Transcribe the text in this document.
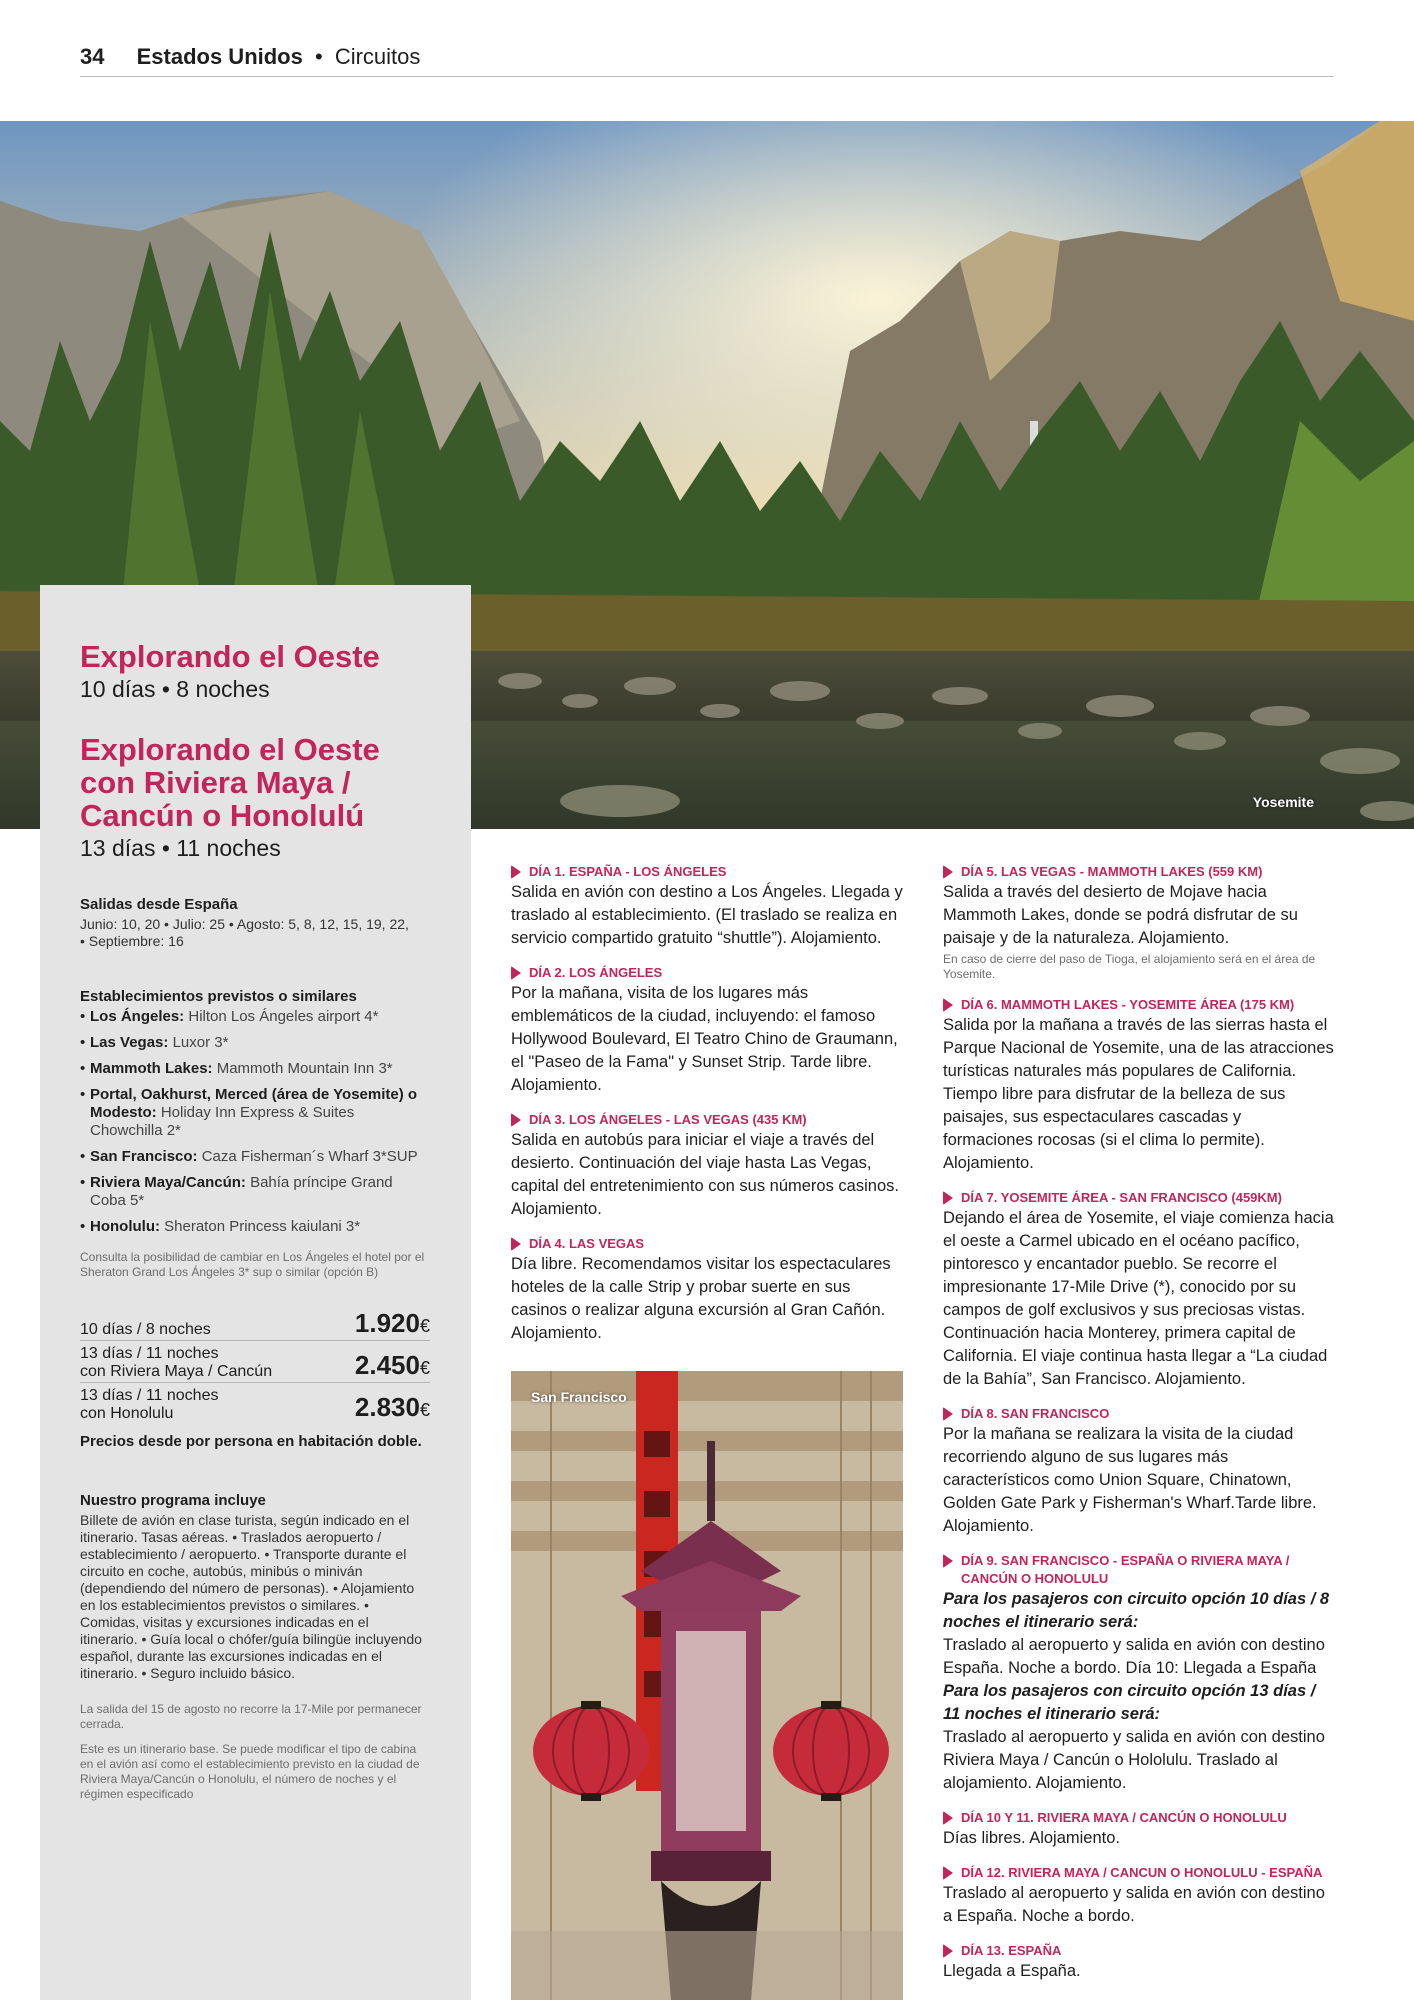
34 Estados Unidos • Circuitos
Yosemite
Explorando el Oeste

10 días • 8 noches

Explorando el Oeste
con Riviera Maya /
Cancún o Honolulú

13 días • 11 noches

Salidas desde España
Junio: 10, 20 • Julio: 25 • Agosto: 5, 8, 12, 15, 19, 22,
• Septiembre: 16
Establecimientos previstos o similares
• Los Ángeles: Hilton Los Ángeles airport 4*
• Las Vegas: Luxor 3*
• Mammoth Lakes: Mammoth Mountain Inn 3*
• Portal, Oakhurst, Merced (área de Yosemite) o Modesto: Holiday Inn Express & Suites Chowchilla 2*
• San Francisco: Caza Fisherman´s Wharf 3*SUP
• Riviera Maya/Cancún: Bahía príncipe Grand Coba 5*
• Honolulu: Sheraton Princess kaiulani 3*
Consulta la posibilidad de cambiar en Los Ángeles el hotel por el Sheraton Grand Los Ángeles 3* sup o similar (opción B)
10 días / 8 noches	1.920€
13 días / 11 noches
con Riviera Maya / Cancún	2.450€
13 días / 11 noches
con Honolulu	2.830€
Precios desde por persona en habitación doble.
Nuestro programa incluye
Billete de avión en clase turista, según indicado en el itinerario. Tasas aéreas. • Traslados aeropuerto / establecimiento / aeropuerto. • Transporte durante el circuito en coche, autobús, minibús o miniván (dependiendo del número de personas). • Alojamiento en los establecimientos previstos o similares. • Comidas, visitas y excursiones indicadas en el itinerario. • Guía local o chófer/guía bilingüe incluyendo español, durante las excursiones indicadas en el itinerario. • Seguro incluido básico.
La salida del 15 de agosto no recorre la 17-Mile por permanecer cerrada.
Este es un itinerario base. Se puede modificar el tipo de cabina en el avión así como el establecimiento previsto en la ciudad de Riviera Maya/Cancún o Honolulu, el número de noches y el régimen especificado
DÍA 1. ESPAÑA - LOS ÁNGELES
Salida en avión con destino a Los Ángeles. Llegada y traslado al establecimiento. (El traslado se realiza en servicio compartido gratuito “shuttle”). Alojamiento.
DÍA 2. LOS ÁNGELES
Por la mañana, visita de los lugares más emblemáticos de la ciudad, incluyendo: el famoso Hollywood Boulevard, El Teatro Chino de Graumann, el "Paseo de la Fama" y Sunset Strip. Tarde libre. Alojamiento.
DÍA 3. LOS ÁNGELES - LAS VEGAS (435 KM)
Salida en autobús para iniciar el viaje a través del desierto. Continuación del viaje hasta Las Vegas, capital del entretenimiento con sus números casinos. Alojamiento.
DÍA 4. LAS VEGAS
Día libre. Recomendamos visitar los espectaculares hoteles de la calle Strip y probar suerte en sus casinos o realizar alguna excursión al Gran Cañón. Alojamiento.
San Francisco
DÍA 5. LAS VEGAS - MAMMOTH LAKES (559 KM)
Salida a través del desierto de Mojave hacia Mammoth Lakes, donde se podrá disfrutar de su paisaje y de la naturaleza. Alojamiento.
En caso de cierre del paso de Tioga, el alojamiento será en el área de Yosemite.
DÍA 6. MAMMOTH LAKES - YOSEMITE ÁREA (175 KM)
Salida por la mañana a través de las sierras hasta el Parque Nacional de Yosemite, una de las atracciones turísticas naturales más populares de California. Tiempo libre para disfrutar de la belleza de sus paisajes, sus espectaculares cascadas y formaciones rocosas (si el clima lo permite). Alojamiento.
DÍA 7. YOSEMITE ÁREA - SAN FRANCISCO (459KM)
Dejando el área de Yosemite, el viaje comienza hacia el oeste a Carmel ubicado en el océano pacífico, pintoresco y encantador pueblo. Se recorre el impresionante 17-Mile Drive (*), conocido por su campos de golf exclusivos y sus preciosas vistas. Continuación hacia Monterey, primera capital de California. El viaje continua hasta llegar a “La ciudad de la Bahía”, San Francisco. Alojamiento.
DÍA 8. SAN FRANCISCO
Por la mañana se realizara la visita de la ciudad recorriendo alguno de sus lugares más característicos como Union Square, Chinatown, Golden Gate Park y Fisherman's Wharf.Tarde libre. Alojamiento.
DÍA 9. SAN FRANCISCO - ESPAÑA O RIVIERA MAYA / CANCÚN O HONOLULU
Para los pasajeros con circuito opción 10 días / 8 noches el itinerario será:
Traslado al aeropuerto y salida en avión con destino España. Noche a bordo. Día 10: Llegada a España
Para los pasajeros con circuito opción 13 días / 11 noches el itinerario será:
Traslado al aeropuerto y salida en avión con destino Riviera Maya / Cancún o Hololulu. Traslado al alojamiento. Alojamiento.
DÍA 10 Y 11. RIVIERA MAYA / CANCÚN O HONOLULU
Días libres. Alojamiento.
DÍA 12. RIVIERA MAYA / CANCUN O HONOLULU - ESPAÑA
Traslado al aeropuerto y salida en avión con destino a España. Noche a bordo.
DÍA 13. ESPAÑA
Llegada a España.
